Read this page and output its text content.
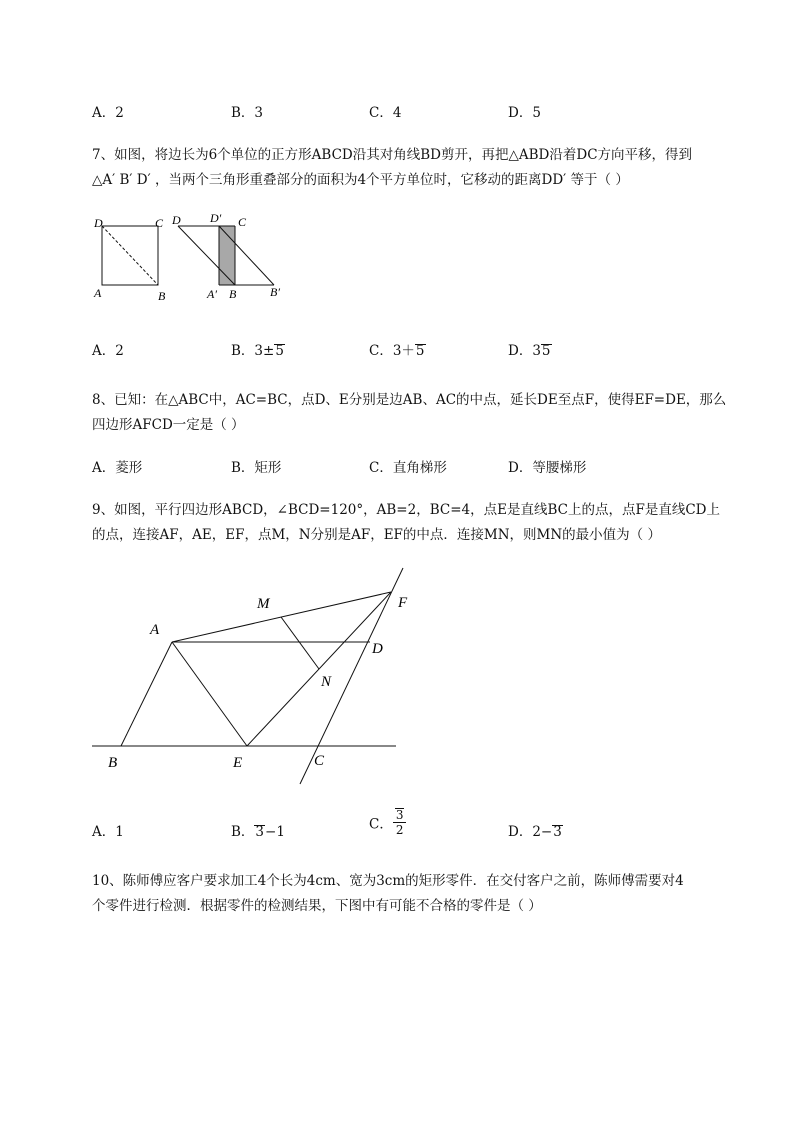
A．2	B．3	C．4	D．5
7、如图，将边长为6个单位的正方形ABCD沿其对角线BD剪开，再把△ABD沿着DC方向平移，得到
△A′ B′ D′ ，当两个三角形重叠部分的面积为4个平方单位时，它移动的距离DD′ 等于（ ）
D	C
A	B
D D′ C
A′ B	B′
A．2	B．3±5	C．3＋5	D．35
8、已知：在△ABC中，AC=BC，点D、E分别是边AB、AC的中点，延长DE至点F，使得EF=DE，那么
四边形AFCD一定是（ ）
A．菱形	B．矩形	C．直角梯形	D．等腰梯形
9、如图，平行四边形ABCD，∠BCD=120°，AB=2，BC=4，点E是直线BC上的点，点F是直线CD上
的点，连接AF，AE，EF，点M，N分别是AF，EF的中点．连接MN，则MN的最小值为（ ）
A
B	E	C
D
F
M
N
A．1	B．3−1	C． $\frac{3}{2}$	D．2−3
10、陈师傅应客户要求加工4个长为4cm、宽为3cm的矩形零件．在交付客户之前，陈师傅需要对4
个零件进行检测．根据零件的检测结果，下图中有可能不合格的零件是（ ）
